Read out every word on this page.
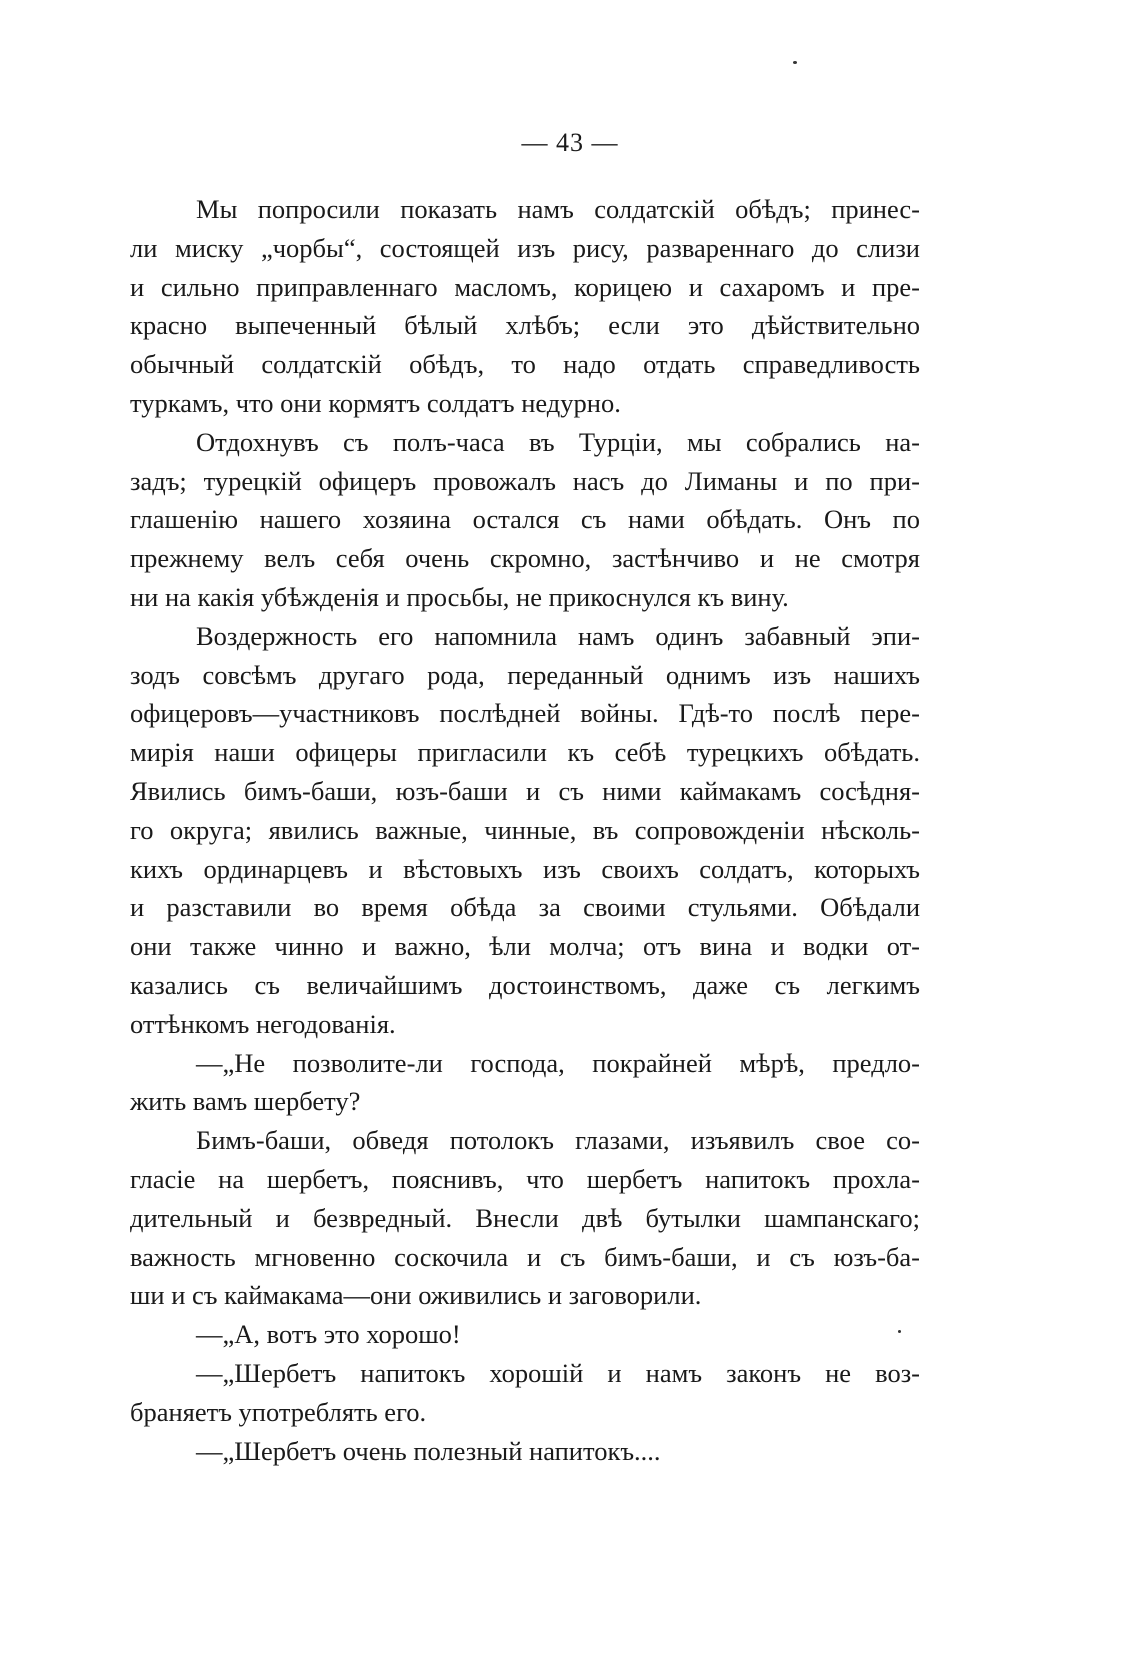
— 43 —
Мы попросили показать намъ солдатскій обѣдъ; принес-
ли миску „чорбы“, состоящей изъ рису, развареннаго до слизи
и сильно приправленнаго масломъ, корицею и сахаромъ и пре-
красно выпеченный бѣлый хлѣбъ; если это дѣйствительно
обычный солдатскій обѣдъ, то надо отдать справедливость
туркамъ, что они кормятъ солдатъ недурно.
Отдохнувъ съ полъ-часа въ Турціи, мы собрались на-
задъ; турецкій офицеръ провожалъ насъ до Лиманы и по при-
глашенію нашего хозяина остался съ нами обѣдать. Онъ по
прежнему велъ себя очень скромно, застѣнчиво и не смотря
ни на какія убѣжденія и просьбы, не прикоснулся къ вину.
Воздержность его напомнила намъ одинъ забавный эпи-
зодъ совсѣмъ другаго рода, переданный однимъ изъ нашихъ
офицеровъ—участниковъ послѣдней войны. Гдѣ-то послѣ пере-
мирія наши офицеры пригласили къ себѣ турецкихъ обѣдать.
Явились бимъ-баши, юзъ-баши и съ ними каймакамъ сосѣдня-
го округа; явились важные, чинные, въ сопровожденіи нѣсколь-
кихъ ординарцевъ и вѣстовыхъ изъ своихъ солдатъ, которыхъ
и разставили во время обѣда за своими стульями. Обѣдали
они также чинно и важно, ѣли молча; отъ вина и водки от-
казались съ величайшимъ достоинствомъ, даже съ легкимъ
оттѣнкомъ негодованія.
—„Не позволите-ли господа, покрайней мѣрѣ, предло-
жить вамъ шербету?
Бимъ-баши, обведя потолокъ глазами, изъявилъ свое со-
гласіе на шербетъ, пояснивъ, что шербетъ напитокъ прохла-
дительный и безвредный. Внесли двѣ бутылки шампанскаго;
важность мгновенно соскочила и съ бимъ-баши, и съ юзъ-ба-
ши и съ каймакама—они оживились и заговорили.
—„А, вотъ это хорошо!
—„Шербетъ напитокъ хорошій и намъ законъ не воз-
браняетъ употреблять его.
—„Шербетъ очень полезный напитокъ....
